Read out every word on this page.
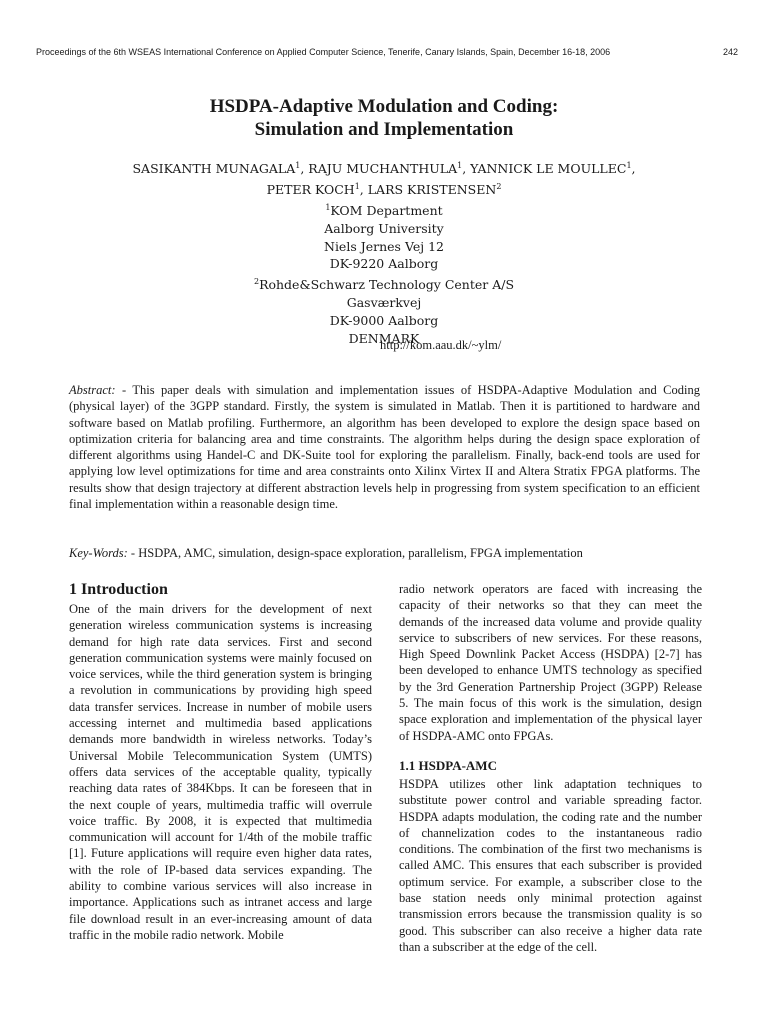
Proceedings of the 6th WSEAS International Conference on Applied Computer Science, Tenerife, Canary Islands, Spain, December 16-18, 2006	242
HSDPA-Adaptive Modulation and Coding:
Simulation and Implementation
SASIKANTH MUNAGALA$^1$, RAJU MUCHANTHULA$^1$, YANNICK LE MOULLEC$^1$,
PETER KOCH$^1$, LARS KRISTENSEN$^2$
$^1$KOM Department
Aalborg University
Niels Jernes Vej 12
DK-9220 Aalborg
$^2$Rohde&Schwarz Technology Center A/S
Gasværkvej
DK-9000 Aalborg
DENMARK
http://kom.aau.dk/~ylm/
Abstract: - This paper deals with simulation and implementation issues of HSDPA-Adaptive Modulation and Coding (physical layer) of the 3GPP standard. Firstly, the system is simulated in Matlab. Then it is partitioned to hardware and software based on Matlab profiling. Furthermore, an algorithm has been developed to explore the design space based on optimization criteria for balancing area and time constraints. The algorithm helps during the design space exploration of different algorithms using Handel-C and DK-Suite tool for exploring the parallelism. Finally, back-end tools are used for applying low level optimizations for time and area constraints onto Xilinx Virtex II and Altera Stratix FPGA platforms. The results show that design trajectory at different abstraction levels help in progressing from system specification to an efficient final implementation within a reasonable design time.
Key-Words: - HSDPA, AMC, simulation, design-space exploration, parallelism, FPGA implementation
1 Introduction

One of the main drivers for the development of next generation wireless communication systems is increasing demand for high rate data services. First and second generation communication systems were mainly focused on voice services, while the third generation system is bringing a revolution in communications by providing high speed data transfer services. Increase in number of mobile users accessing internet and multimedia based applications demands more bandwidth in wireless networks. Today’s Universal Mobile Telecommunication System (UMTS) offers data services of the acceptable quality, typically reaching data rates of 384Kbps. It can be foreseen that in the next couple of years, multimedia traffic will overrule voice traffic. By 2008, it is expected that multimedia communication will account for 1/4th of the mobile traffic [1]. Future applications will require even higher data rates, with the role of IP-based data services expanding. The ability to combine various services will also increase in importance. Applications such as intranet access and large file download result in an ever-increasing amount of data traffic in the mobile radio network. Mobile

radio network operators are faced with increasing the capacity of their networks so that they can meet the demands of the increased data volume and provide quality service to subscribers of new services. For these reasons, High Speed Downlink Packet Access (HSDPA) [2-7] has been developed to enhance UMTS technology as specified by the 3rd Generation Partnership Project (3GPP) Release 5. The main focus of this work is the simulation, design space exploration and implementation of the physical layer of HSDPA-AMC onto FPGAs.

1.1 HSDPA-AMC

HSDPA utilizes other link adaptation techniques to substitute power control and variable spreading factor. HSDPA adapts modulation, the coding rate and the number of channelization codes to the instantaneous radio conditions. The combination of the first two mechanisms is called AMC. This ensures that each subscriber is provided optimum service. For example, a subscriber close to the base station needs only minimal protection against transmission errors because the transmission quality is so good. This subscriber can also receive a higher data rate than a subscriber at the edge of the cell.
